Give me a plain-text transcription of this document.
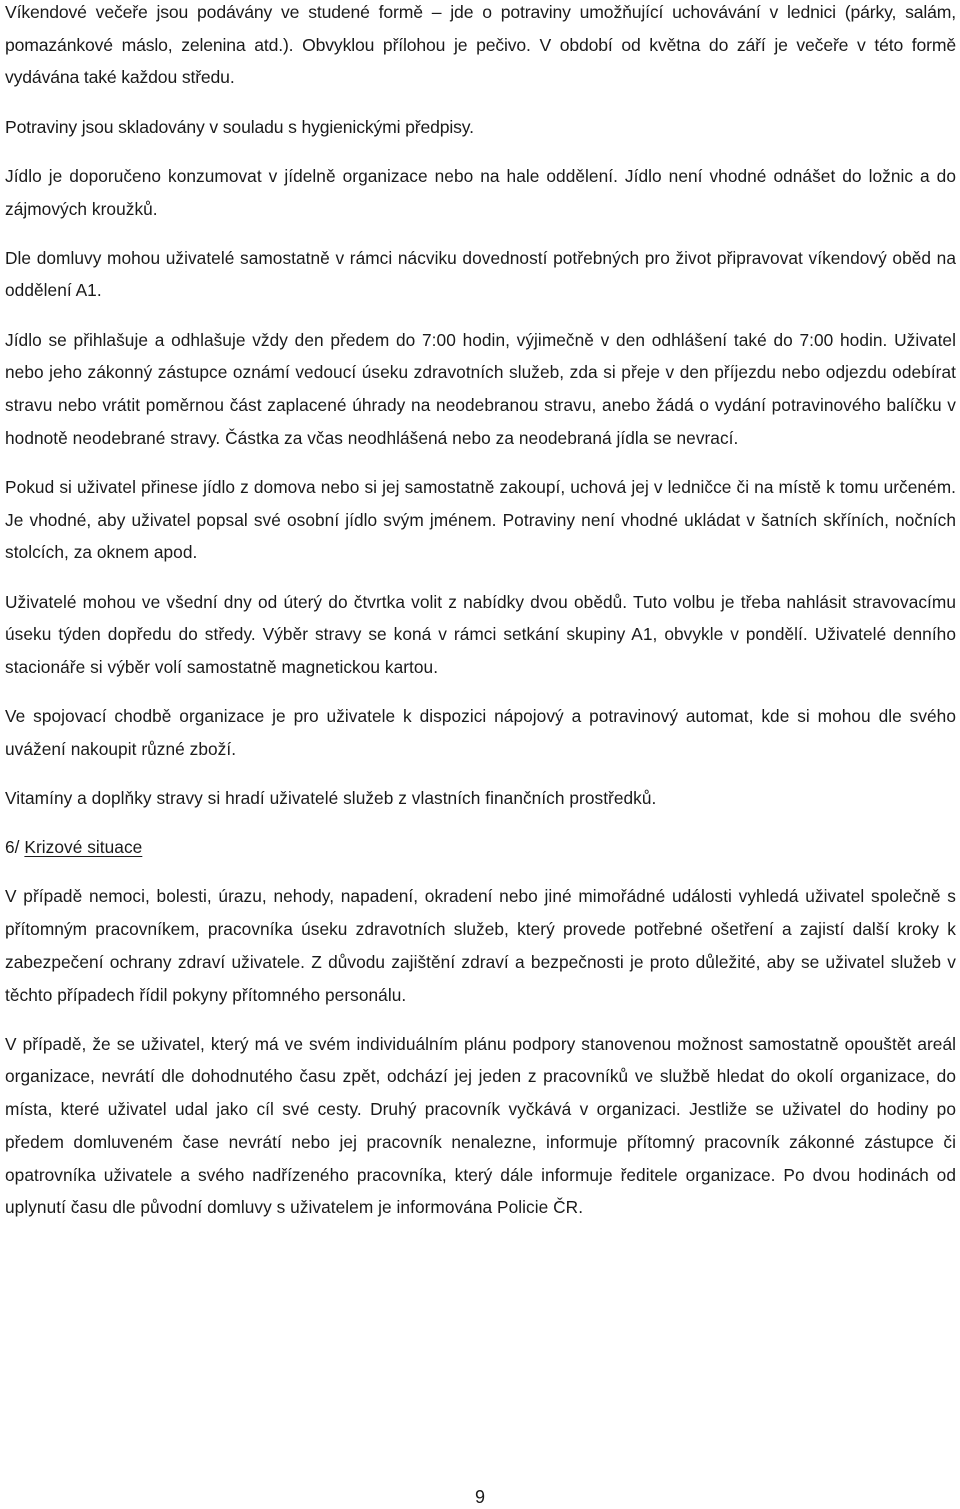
Víkendové večeře jsou podávány ve studené formě – jde o potraviny umožňující uchovávání v lednici (párky, salám, pomazánkové máslo, zelenina atd.). Obvyklou přílohou je pečivo. V období od května do září je večeře v této formě vydávána také každou středu.

Potraviny jsou skladovány v souladu s hygienickými předpisy.

Jídlo je doporučeno konzumovat v jídelně organizace nebo na hale oddělení. Jídlo není vhodné odnášet do ložnic a do zájmových kroužků.

Dle domluvy mohou uživatelé samostatně v rámci nácviku dovedností potřebných pro život připravovat víkendový oběd na oddělení A1.

Jídlo se přihlašuje a odhlašuje vždy den předem do 7:00 hodin, výjimečně v den odhlášení také do 7:00 hodin. Uživatel nebo jeho zákonný zástupce oznámí vedoucí úseku zdravotních služeb, zda si přeje v den příjezdu nebo odjezdu odebírat stravu nebo vrátit poměrnou část zaplacené úhrady na neodebranou stravu, anebo žádá o vydání potravinového balíčku v hodnotě neodebrané stravy. Částka za včas neodhlášená nebo za neodebraná jídla se nevrací.

Pokud si uživatel přinese jídlo z domova nebo si jej samostatně zakoupí, uchová jej v ledničce či na místě k tomu určeném. Je vhodné, aby uživatel popsal své osobní jídlo svým jménem. Potraviny není vhodné ukládat v šatních skříních, nočních stolcích, za oknem apod.

Uživatelé mohou ve všední dny od úterý do čtvrtka volit z nabídky dvou obědů. Tuto volbu je třeba nahlásit stravovacímu úseku týden dopředu do středy. Výběr stravy se koná v rámci setkání skupiny A1, obvykle v pondělí. Uživatelé denního stacionáře si výběr volí samostatně magnetickou kartou.

Ve spojovací chodbě organizace je pro uživatele k dispozici nápojový a potravinový automat, kde si mohou dle svého uvážení nakoupit různé zboží.

Vitamíny a doplňky stravy si hradí uživatelé služeb z vlastních finančních prostředků.

6/ Krizové situace

V případě nemoci, bolesti, úrazu, nehody, napadení, okradení nebo jiné mimořádné události vyhledá uživatel společně s přítomným pracovníkem, pracovníka úseku zdravotních služeb, který provede potřebné ošetření a zajistí další kroky k zabezpečení ochrany zdraví uživatele. Z důvodu zajištění zdraví a bezpečnosti je proto důležité, aby se uživatel služeb v těchto případech řídil pokyny přítomného personálu.

V případě, že se uživatel, který má ve svém individuálním plánu podpory stanovenou možnost samostatně opouštět areál organizace, nevrátí dle dohodnutého času zpět, odchází jej jeden z pracovníků ve službě hledat do okolí organizace, do místa, které uživatel udal jako cíl své cesty. Druhý pracovník vyčkává v organizaci. Jestliže se uživatel do hodiny po předem domluveném čase nevrátí nebo jej pracovník nenalezne, informuje přítomný pracovník zákonné zástupce či opatrovníka uživatele a svého nadřízeného pracovníka, který dále informuje ředitele organizace. Po dvou hodinách od uplynutí času dle původní domluvy s uživatelem je informována Policie ČR.

9
